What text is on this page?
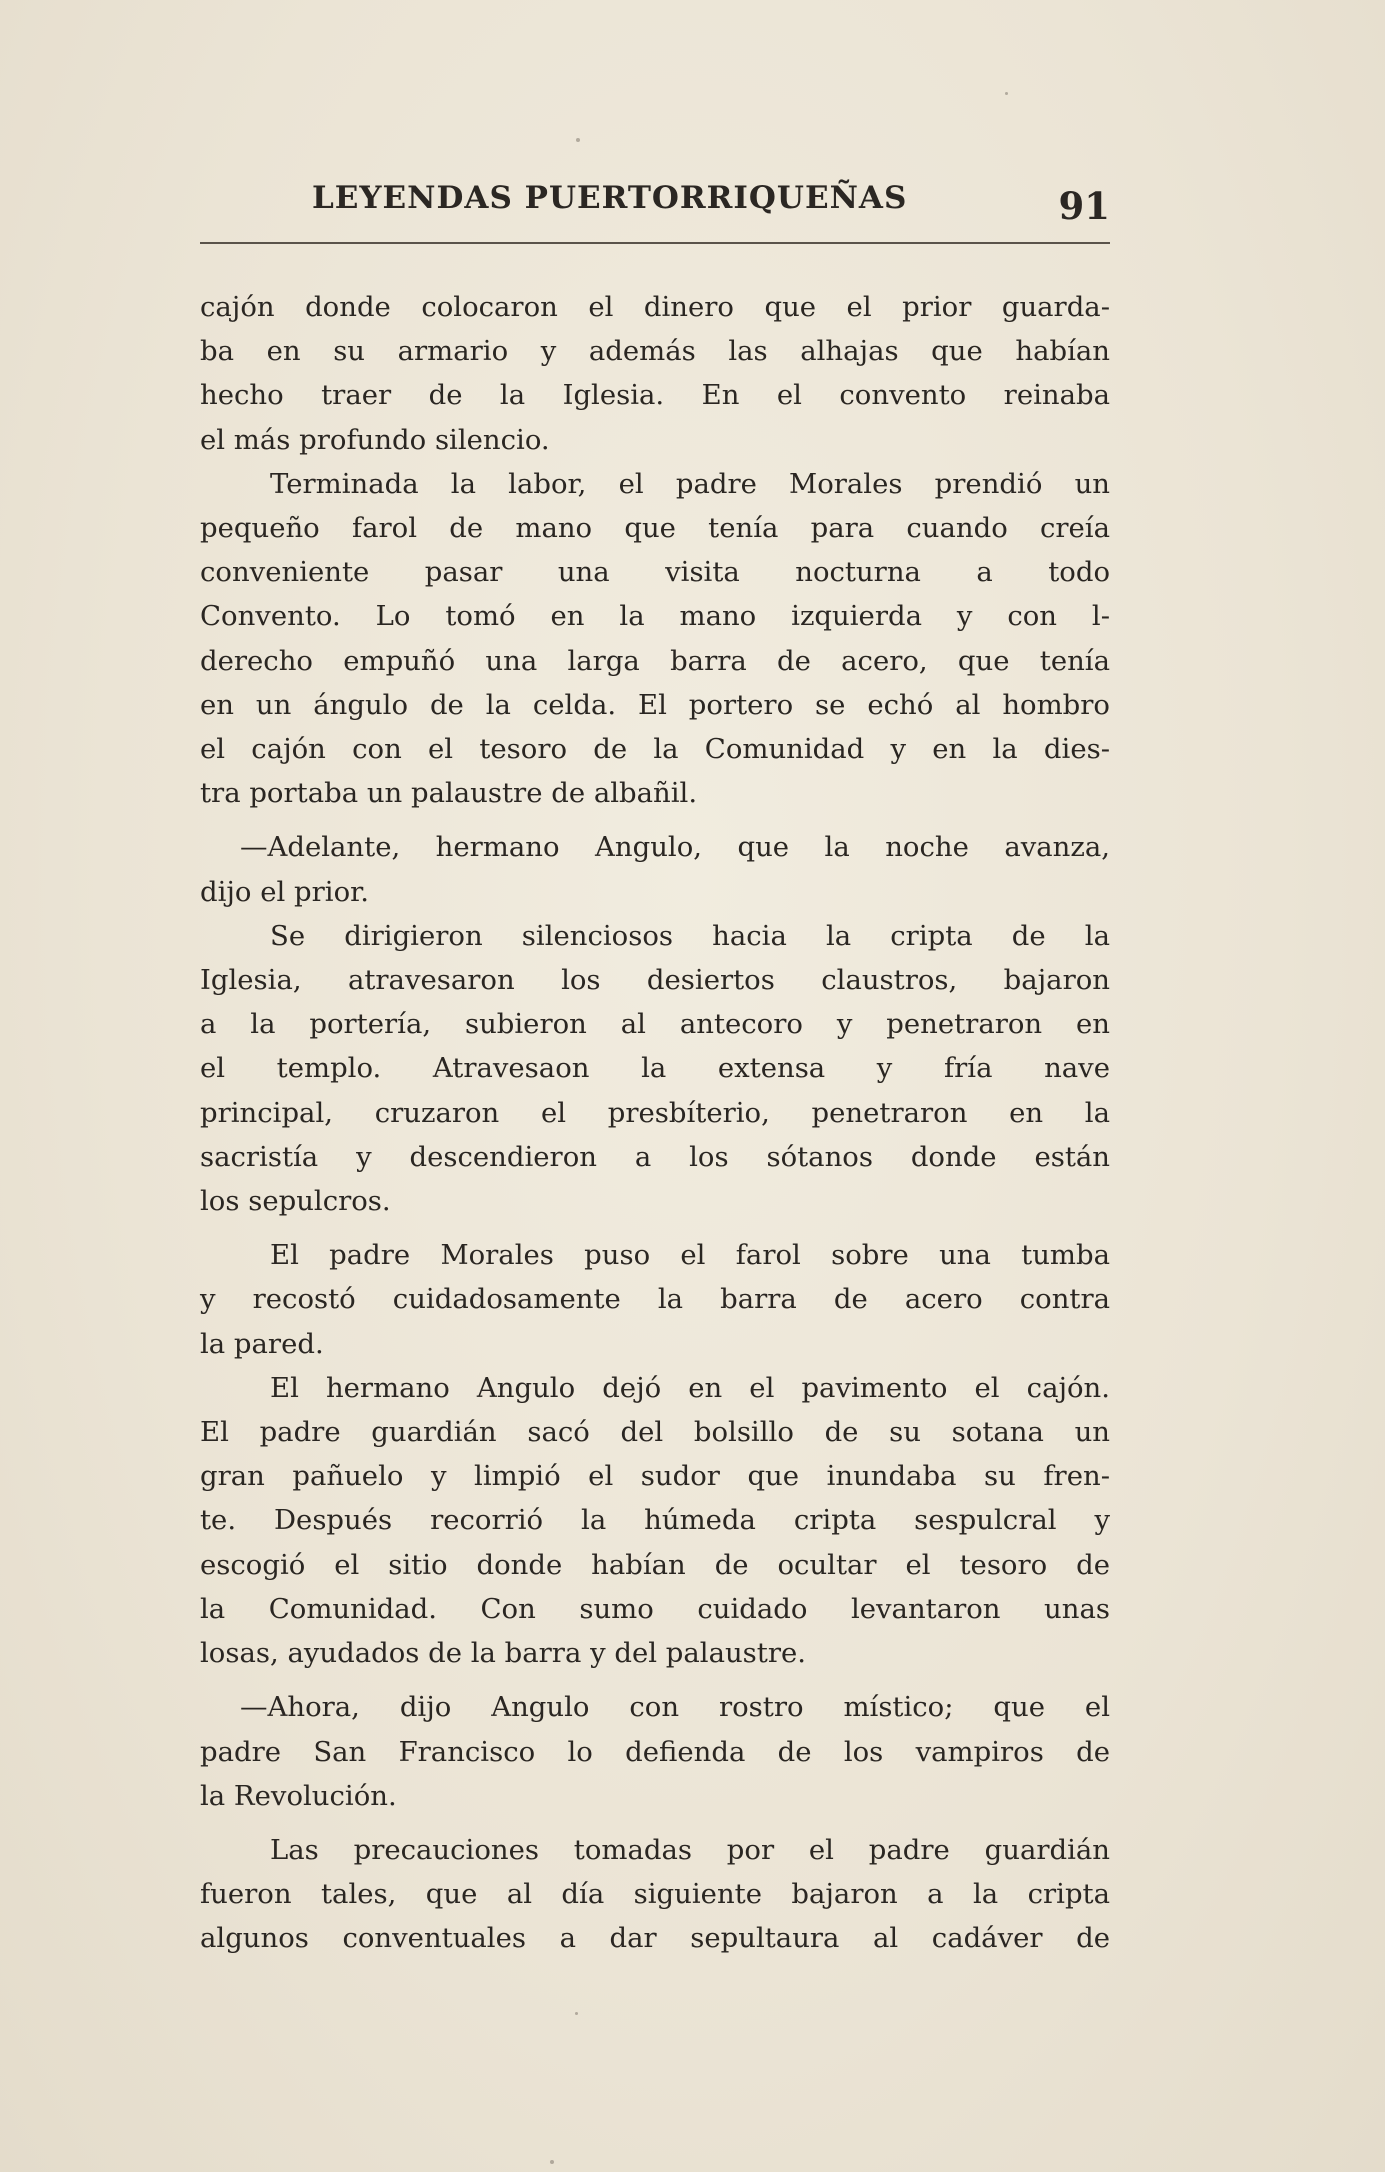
LEYENDAS PUERTORRIQUEÑAS	91

cajón donde colocaron el dinero que el prior guarda-
ba en su armario y además las alhajas que habían
hecho traer de la Iglesia. En el convento reinaba
el más profundo silencio.

Terminada la labor, el padre Morales prendió un
pequeño farol de mano que tenía para cuando creía
conveniente pasar una visita nocturna a todo
Convento. Lo tomó en la mano izquierda y con l-
derecho empuñó una larga barra de acero, que tenía
en un ángulo de la celda. El portero se echó al hombro
el cajón con el tesoro de la Comunidad y en la dies-
tra portaba un palaustre de albañil.

—Adelante, hermano Angulo, que la noche avanza,
dijo el prior.

Se dirigieron silenciosos hacia la cripta de la
Iglesia, atravesaron los desiertos claustros, bajaron
a la portería, subieron al antecoro y penetraron en
el templo. Atravesaon la extensa y fría nave
principal, cruzaron el presbíterio, penetraron en la
sacristía y descendieron a los sótanos donde están
los sepulcros.

El padre Morales puso el farol sobre una tumba
y recostó cuidadosamente la barra de acero contra
la pared.

El hermano Angulo dejó en el pavimento el cajón.
El padre guardián sacó del bolsillo de su sotana un
gran pañuelo y limpió el sudor que inundaba su fren-
te. Después recorrió la húmeda cripta sespulcral y
escogió el sitio donde habían de ocultar el tesoro de
la Comunidad. Con sumo cuidado levantaron unas
losas, ayudados de la barra y del palaustre.

—Ahora, dijo Angulo con rostro místico; que el
padre San Francisco lo defienda de los vampiros de
la Revolución.

Las precauciones tomadas por el padre guardián
fueron tales, que al día siguiente bajaron a la cripta
algunos conventuales a dar sepultaura al cadáver de
